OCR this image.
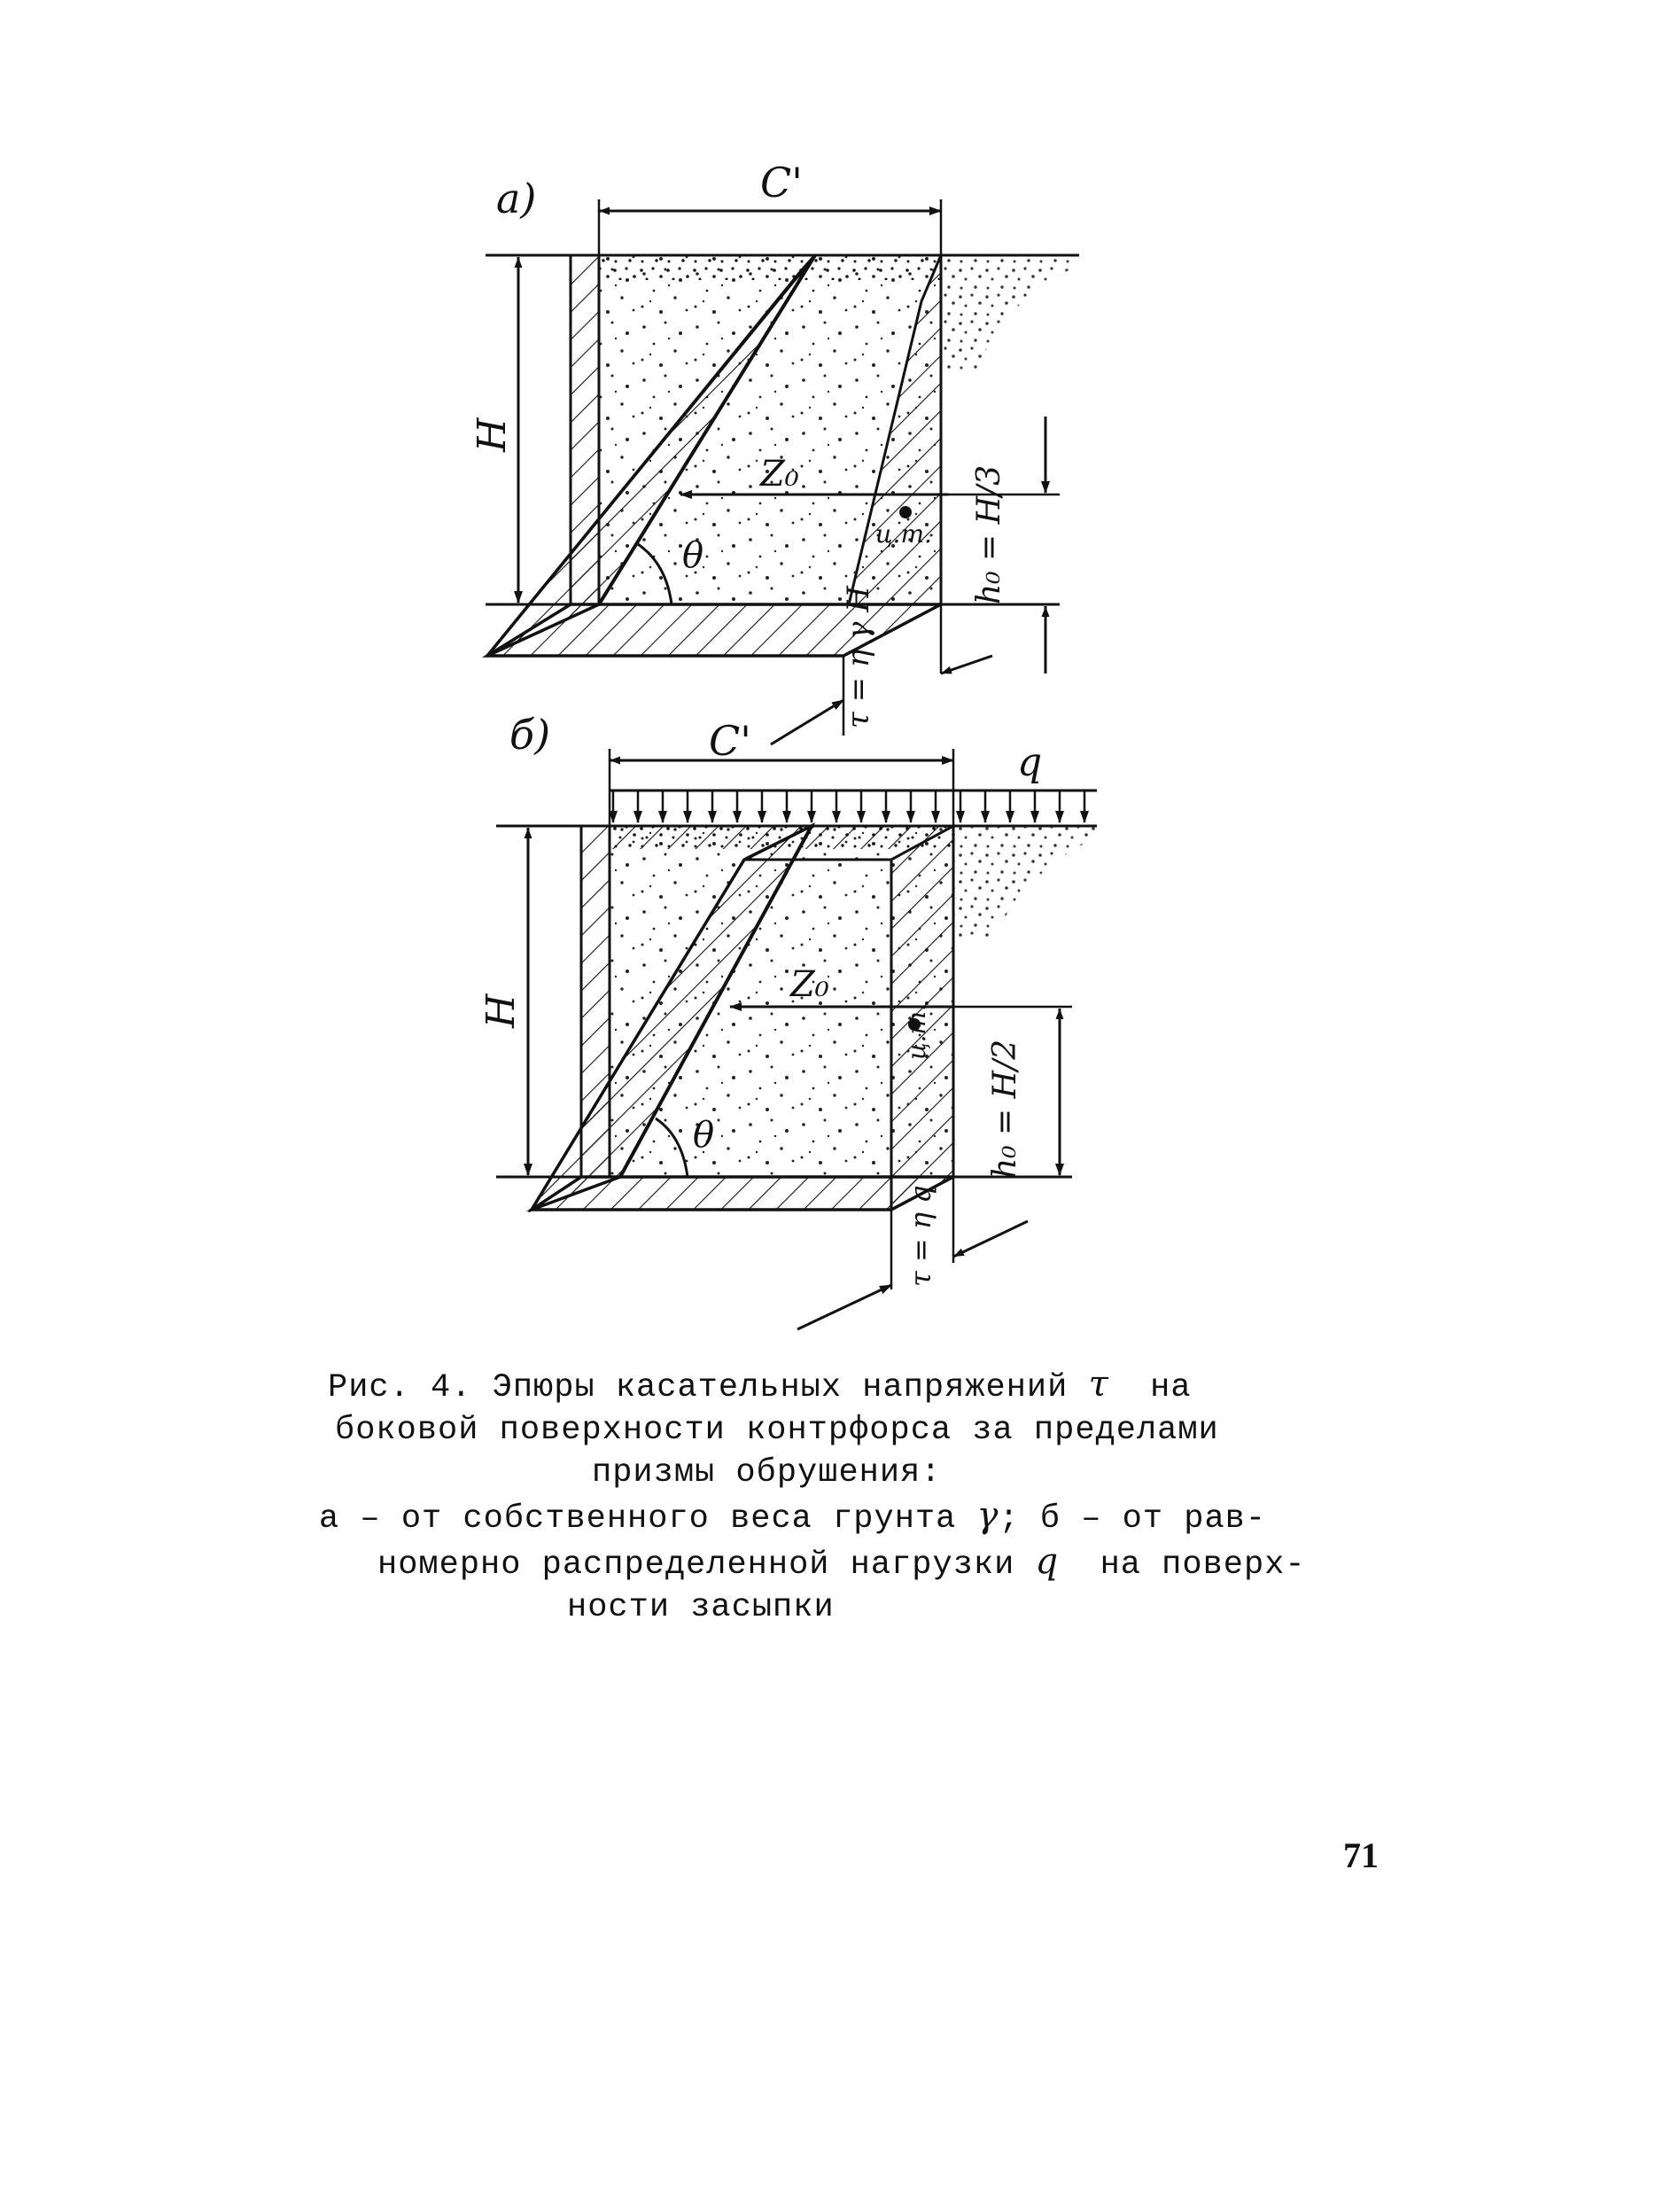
а)	C'
H
Z₀
ц.т. h₀ = H/3
θ
τ = η γ H
б)	C'	q
H
Z₀
ц.т.
h₀ = H/2
θ
τ = η q
Рис. 4. Эпюры касательных напряжений τ на
боковой поверхности контрфорса за пределами
призмы обрушения:
а – от собственного веса грунта γ; б – от рав-
номерно распределенной нагрузки q на поверх-
ности засыпки
71
